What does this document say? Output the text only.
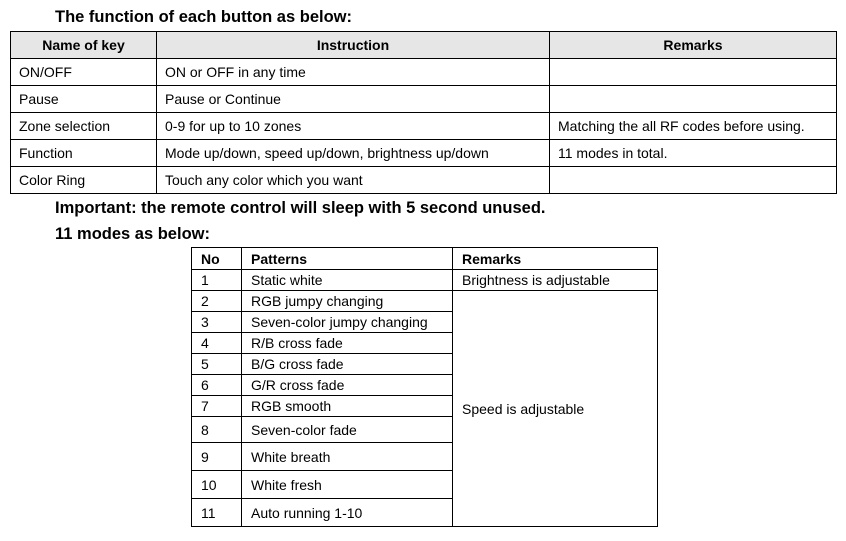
The function of each button as below:
Name of key	Instruction	Remarks
ON/OFF	ON or OFF in any time	
Pause	Pause or Continue	
Zone selection	0-9 for up to 10 zones	Matching the all RF codes before using.
Function	Mode up/down, speed up/down, brightness up/down	11 modes in total.
Color Ring	Touch any color which you want	
Important: the remote control will sleep with 5 second unused.
11 modes as below:
No	Patterns	Remarks
1	Static white	Brightness is adjustable
2	RGB jumpy changing	Speed is adjustable
3	Seven-color jumpy changing	
4	R/B cross fade	
5	B/G cross fade	
6	G/R cross fade	
7	RGB smooth	
8	Seven-color fade	
9	White breath	
10	White fresh	
11	Auto running 1-10	
